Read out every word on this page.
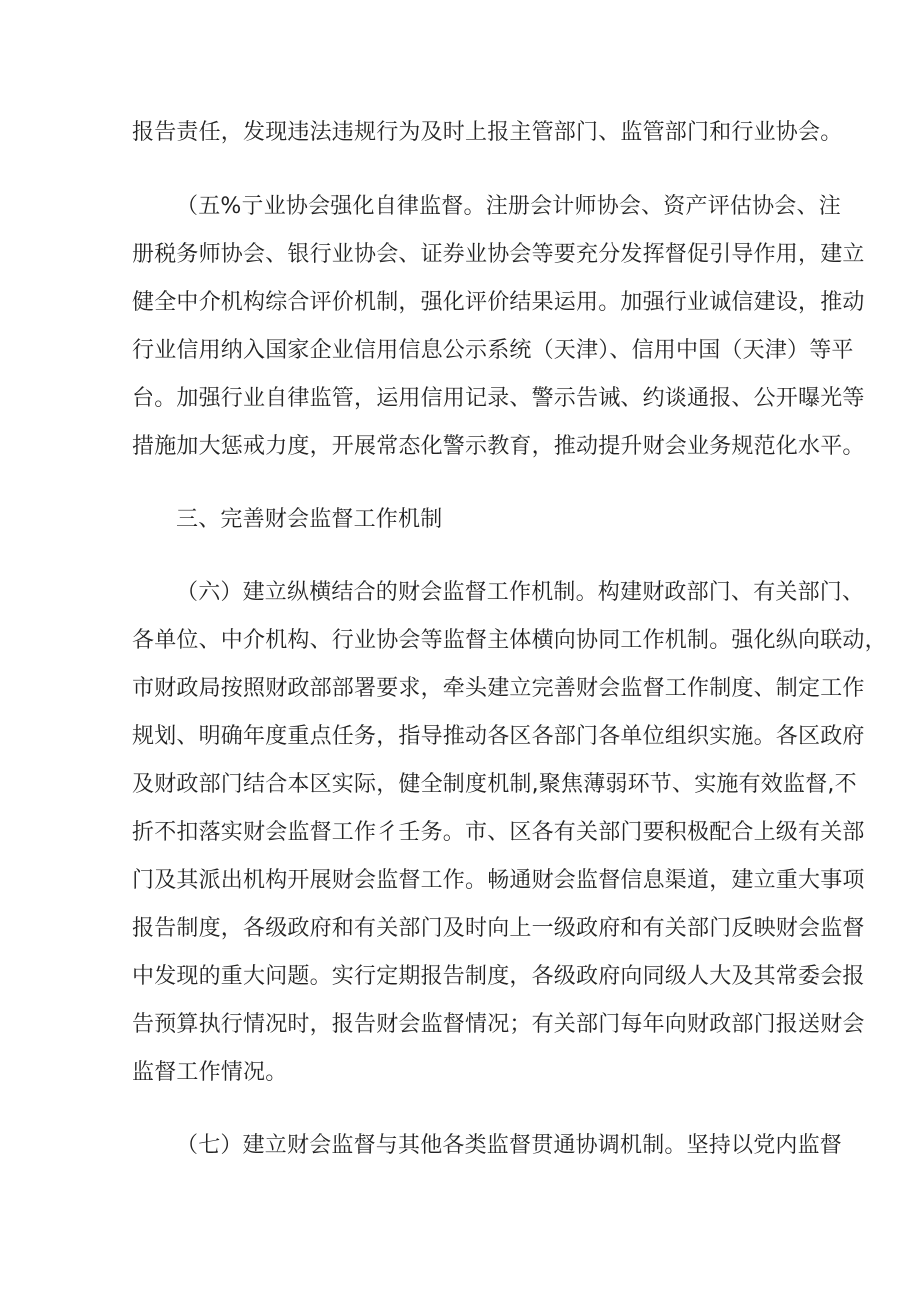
报告责任，发现违法违规行为及时上报主管部门、监管部门和行业协会。
（五%亍业协会强化自律监督。注册会计师协会、资产评估协会、注
册税务师协会、银行业协会、证券业协会等要充分发挥督促引导作用，建立
健全中介机构综合评价机制，强化评价结果运用。加强行业诚信建设，推动
行业信用纳入国家企业信用信息公示系统（天津）、信用中国（天津）等平
台。加强行业自律监管，运用信用记录、警示告诫、约谈通报、公开曝光等
措施加大惩戒力度，开展常态化警示教育，推动提升财会业务规范化水平。
三、完善财会监督工作机制
（六）建立纵横结合的财会监督工作机制。构建财政部门、有关部门、
各单位、中介机构、行业协会等监督主体横向协同工作机制。强化纵向联动，
市财政局按照财政部部署要求，牵头建立完善财会监督工作制度、制定工作
规划、明确年度重点任务，指导推动各区各部门各单位组织实施。各区政府
及财政部门结合本区实际，健全制度机制,聚焦薄弱环节、实施有效监督,不
折不扣落实财会监督工作彳壬务。市、区各有关部门要积极配合上级有关部
门及其派出机构开展财会监督工作。畅通财会监督信息渠道，建立重大事项
报告制度，各级政府和有关部门及时向上一级政府和有关部门反映财会监督
中发现的重大问题。实行定期报告制度，各级政府向同级人大及其常委会报
告预算执行情况时，报告财会监督情况；有关部门每年向财政部门报送财会
监督工作情况。
（七）建立财会监督与其他各类监督贯通协调机制。坚持以党内监督
